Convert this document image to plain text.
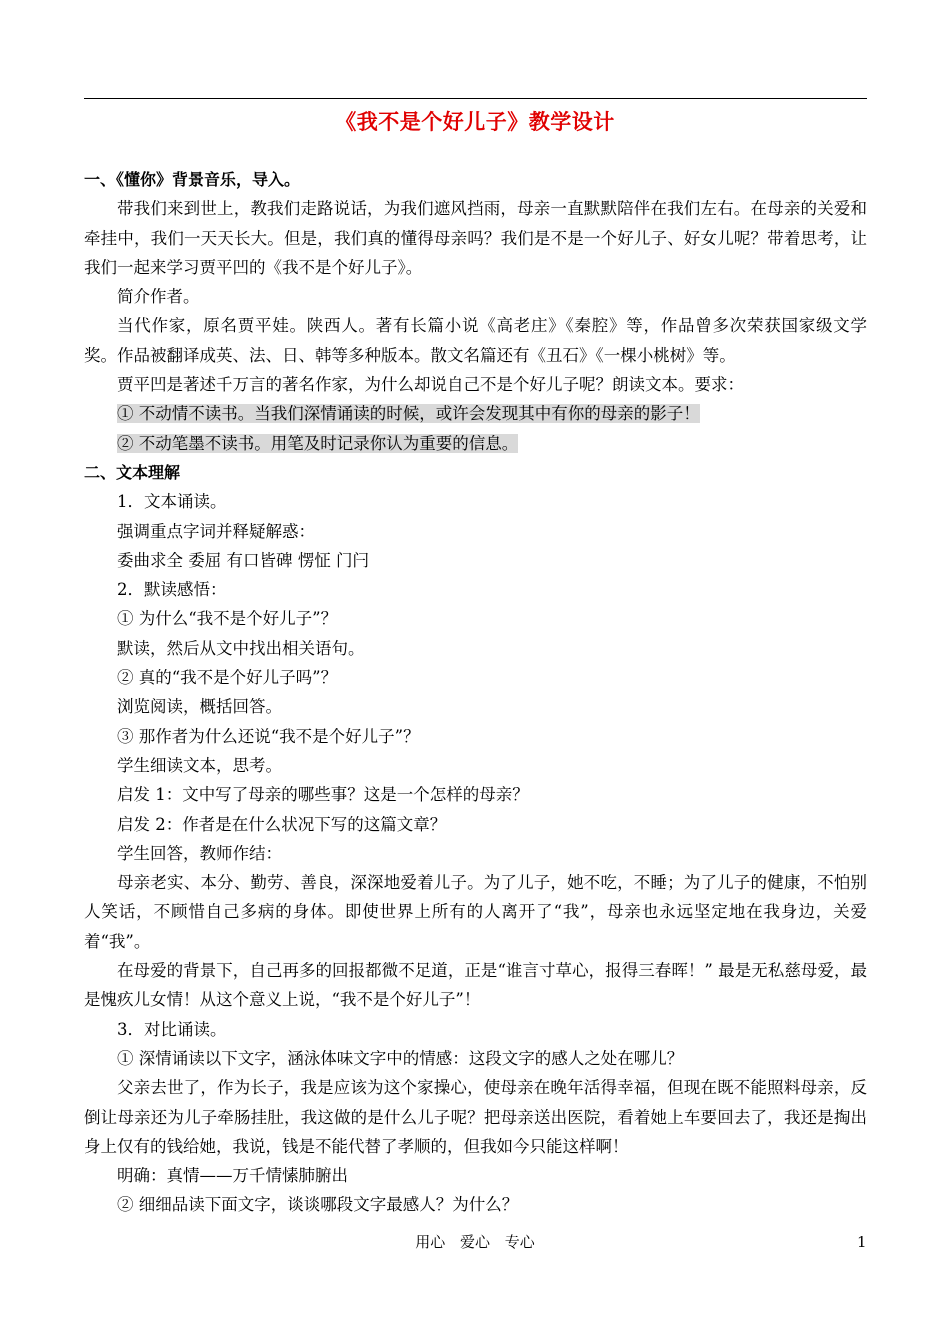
《我不是个好儿子》教学设计

一、《懂你》背景音乐，导入。

带我们来到世上，教我们走路说话，为我们遮风挡雨，母亲一直默默陪伴在我们左右。在母亲的关爱和牵挂中，我们一天天长大。但是，我们真的懂得母亲吗？我们是不是一个好儿子、好女儿呢？带着思考，让我们一起来学习贾平凹的《我不是个好儿子》。

简介作者。

当代作家，原名贾平娃。陕西人。著有长篇小说《高老庄》《秦腔》等，作品曾多次荣获国家级文学奖。作品被翻译成英、法、日、韩等多种版本。散文名篇还有《丑石》《一棵小桃树》等。

贾平凹是著述千万言的著名作家，为什么却说自己不是个好儿子呢？朗读文本。要求：

① 不动情不读书。当我们深情诵读的时候，或许会发现其中有你的母亲的影子！

② 不动笔墨不读书。用笔及时记录你认为重要的信息。

二、文本理解

1．文本诵读。

强调重点字词并释疑解惑：

委曲求全 委屈 有口皆碑 愣怔 门闩

2．默读感悟：

① 为什么“我不是个好儿子”？

默读，然后从文中找出相关语句。

② 真的“我不是个好儿子吗”？

浏览阅读，概括回答。

③ 那作者为什么还说“我不是个好儿子”？

学生细读文本，思考。

启发 1：文中写了母亲的哪些事？这是一个怎样的母亲？

启发 2：作者是在什么状况下写的这篇文章？

学生回答，教师作结：

母亲老实、本分、勤劳、善良，深深地爱着儿子。为了儿子，她不吃，不睡；为了儿子的健康，不怕别人笑话，不顾惜自己多病的身体。即使世界上所有的人离开了“我”，母亲也永远坚定地在我身边，关爱着“我”。

在母爱的背景下，自己再多的回报都微不足道，正是“谁言寸草心，报得三春晖！” 最是无私慈母爱，最是愧疚儿女情！从这个意义上说，“我不是个好儿子”！

3．对比诵读。

① 深情诵读以下文字，涵泳体味文字中的情感：这段文字的感人之处在哪儿？

父亲去世了，作为长子，我是应该为这个家操心，使母亲在晚年活得幸福，但现在既不能照料母亲，反倒让母亲还为儿子牵肠挂肚，我这做的是什么儿子呢？把母亲送出医院，看着她上车要回去了，我还是掏出身上仅有的钱给她，我说，钱是不能代替了孝顺的，但我如今只能这样啊！

明确：真情——万千情愫肺腑出

② 细细品读下面文字，谈谈哪段文字最感人？为什么？

用心 爱心 专心	1
